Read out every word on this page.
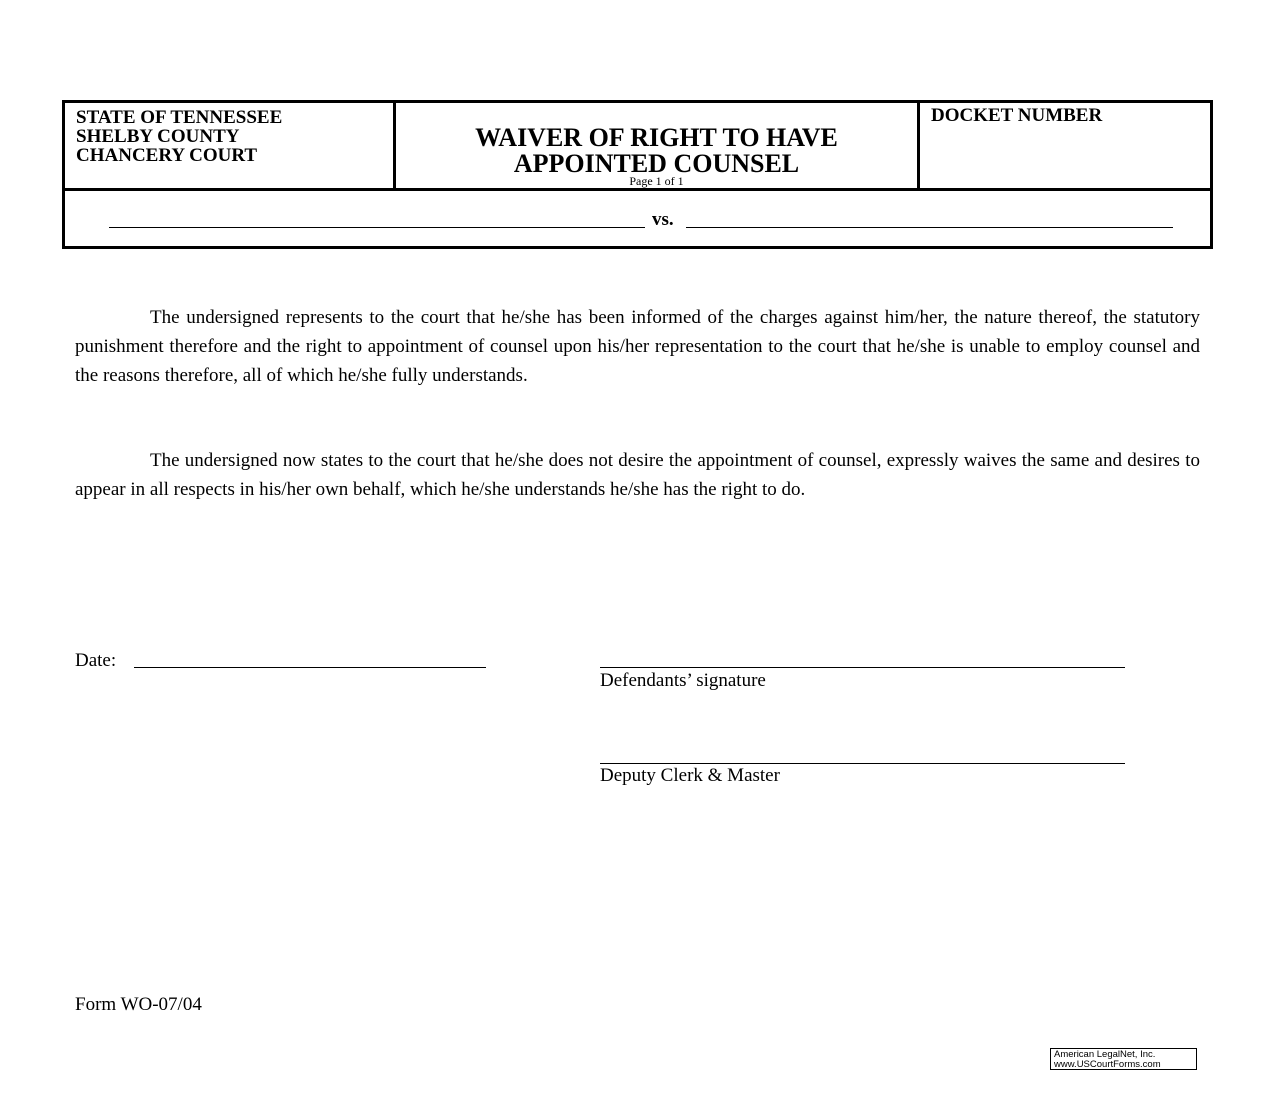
STATE OF TENNESSEE
SHELBY COUNTY
CHANCERY COURT
WAIVER OF RIGHT TO HAVE
APPOINTED COUNSEL
Page 1 of 1
DOCKET NUMBER
vs.

The undersigned represents to the court that he/she has been informed of the charges against him/her, the nature thereof, the statutory punishment therefore and the right to appointment of counsel upon his/her representation to the court that he/she is unable to employ counsel and the reasons therefore, all of which he/she fully understands.

The undersigned now states to the court that he/she does not desire the appointment of counsel, expressly waives the same and desires to appear in all respects in his/her own behalf, which he/she understands he/she has the right to do.

Date:
Defendants’ signature
Deputy Clerk & Master
Form WO-07/04
American LegalNet, Inc.
www.USCourtForms.com
